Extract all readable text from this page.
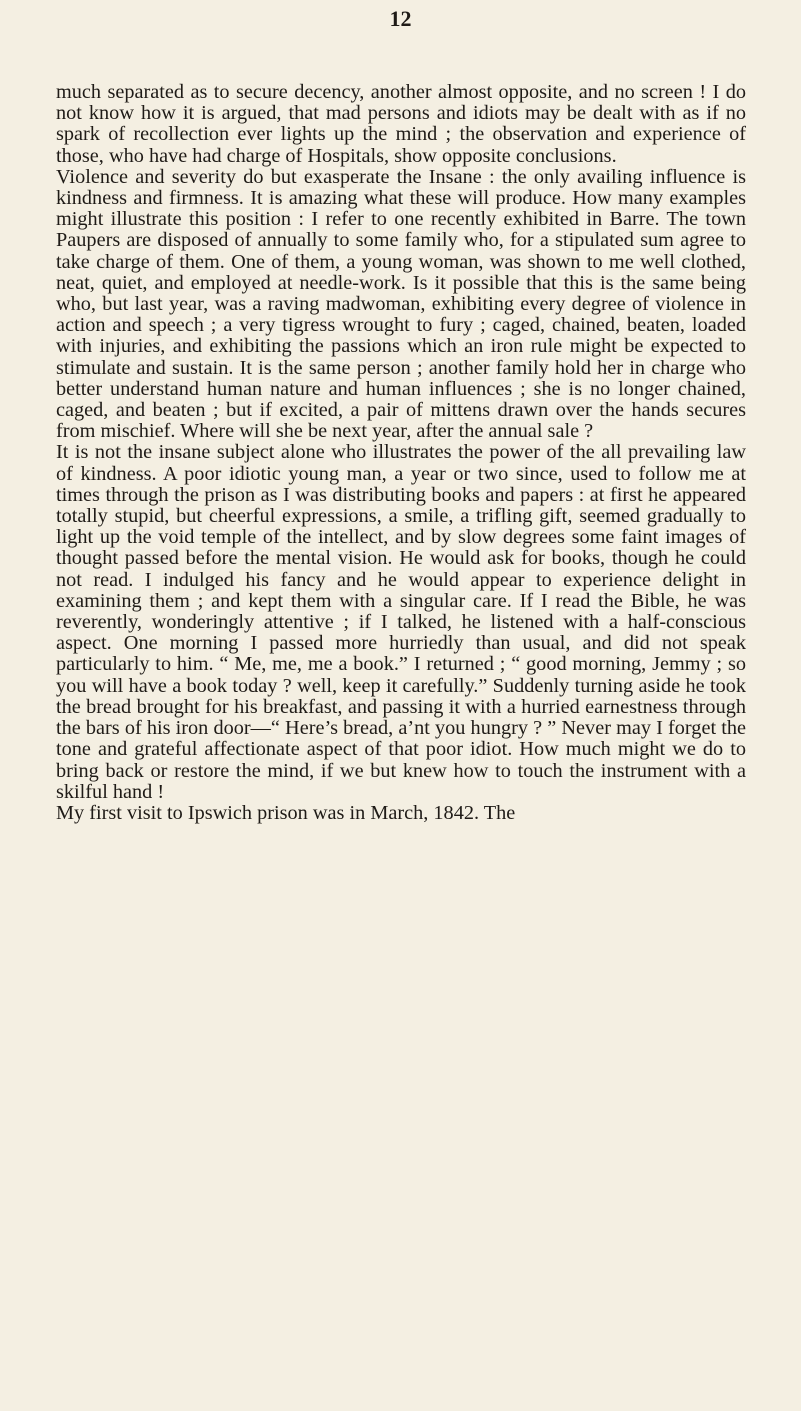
12

much separated as to secure decency, another almost opposite, and no screen ! I do not know how it is argued, that mad persons and idiots may be dealt with as if no spark of recollection ever lights up the mind ; the observation and experience of those, who have had charge of Hospitals, show opposite conclusions.

Violence and severity do but exasperate the Insane : the only availing influence is kindness and firmness. It is amazing what these will produce. How many examples might illustrate this position : I refer to one recently exhibited in Barre. The town Paupers are disposed of annually to some family who, for a stipulated sum agree to take charge of them. One of them, a young woman, was shown to me well clothed, neat, quiet, and employed at needle-work. Is it possible that this is the same being who, but last year, was a raving madwoman, exhibiting every degree of violence in action and speech ; a very tigress wrought to fury ; caged, chained, beaten, loaded with injuries, and exhibiting the passions which an iron rule might be expected to stimulate and sustain. It is the same person ; another family hold her in charge who better understand human nature and human influences ; she is no longer chained, caged, and beaten ; but if excited, a pair of mittens drawn over the hands secures from mischief. Where will she be next year, after the annual sale ?

It is not the insane subject alone who illustrates the power of the all prevailing law of kindness. A poor idiotic young man, a year or two since, used to follow me at times through the prison as I was distributing books and papers : at first he appeared totally stupid, but cheerful expressions, a smile, a trifling gift, seemed gradually to light up the void temple of the intellect, and by slow degrees some faint images of thought passed before the mental vision. He would ask for books, though he could not read. I indulged his fancy and he would appear to experience delight in examining them ; and kept them with a singular care. If I read the Bible, he was reverently, wonderingly attentive ; if I talked, he listened with a half-conscious aspect. One morning I passed more hurriedly than usual, and did not speak particularly to him. “ Me, me, me a book.” I returned ; “ good morning, Jemmy ; so you will have a book today ? well, keep it carefully.” Suddenly turning aside he took the bread brought for his breakfast, and passing it with a hurried earnestness through the bars of his iron door—“ Here’s bread, a’nt you hungry ? ” Never may I forget the tone and grateful affectionate aspect of that poor idiot. How much might we do to bring back or restore the mind, if we but knew how to touch the instrument with a skilful hand !

My first visit to Ipswich prison was in March, 1842. The
